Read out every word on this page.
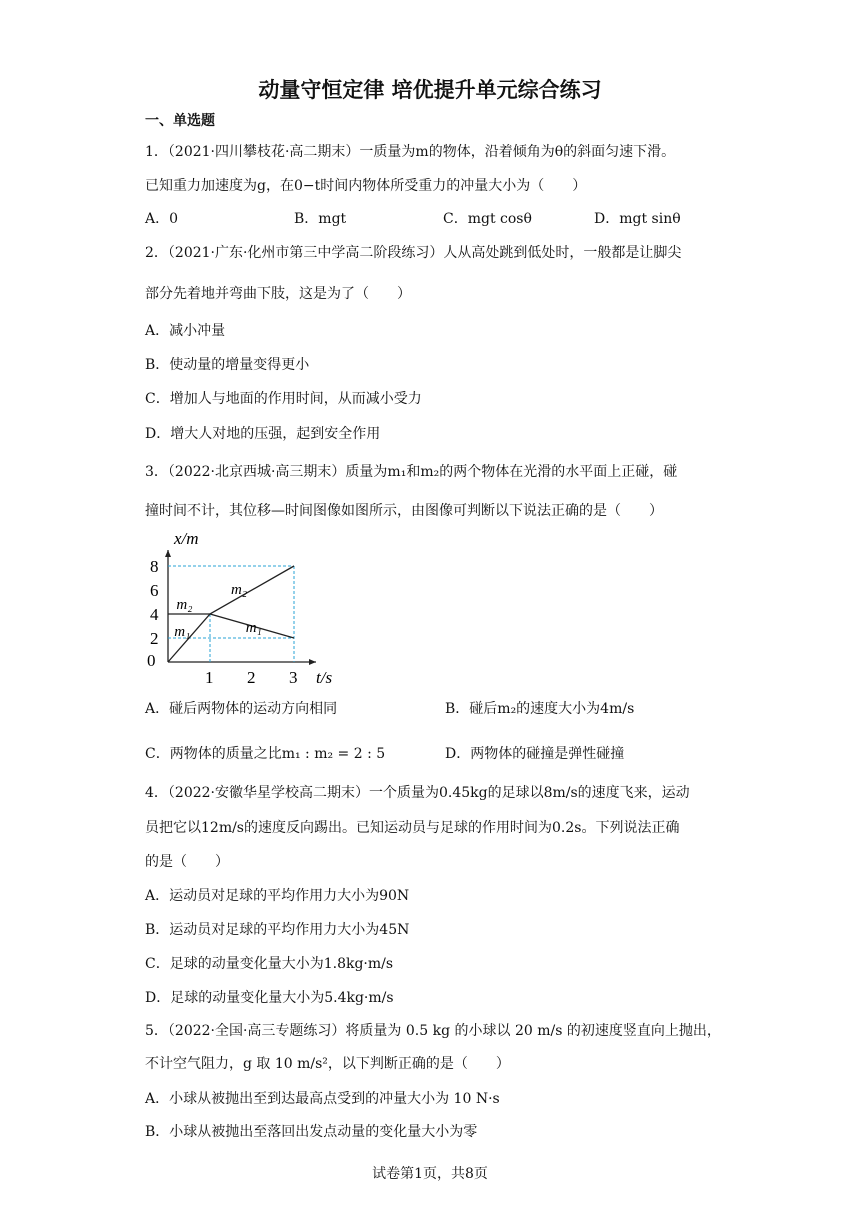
动量守恒定律 培优提升单元综合练习
一、单选题
1．（2021·四川攀枝花·高二期末）一质量为m的物体，沿着倾角为θ的斜面匀速下滑。
已知重力加速度为g，在0−t时间内物体所受重力的冲量大小为（　　）
A．0	B．mgt	C．mgt cosθ	D．mgt sinθ
2．（2021·广东·化州市第三中学高二阶段练习）人从高处跳到低处时，一般都是让脚尖
部分先着地并弯曲下肢，这是为了（　　）
A．减小冲量
B．使动量的增量变得更小
C．增加人与地面的作用时间，从而减小受力
D．增大人对地的压强，起到安全作用
3．（2022·北京西城·高三期末）质量为m₁和m₂的两个物体在光滑的水平面上正碰，碰
撞时间不计，其位移—时间图像如图所示，由图像可判断以下说法正确的是（　　）
2
4
6
8
0
1 2 3
x/m
t/s
m₂
m₁
m₂
m₁
A．碰后两物体的运动方向相同	B．碰后m₂的速度大小为4m/s
C．两物体的质量之比m₁ : m₂ = 2 : 5	D．两物体的碰撞是弹性碰撞
4．（2022·安徽华星学校高二期末）一个质量为0.45kg的足球以8m/s的速度飞来，运动
员把它以12m/s的速度反向踢出。已知运动员与足球的作用时间为0.2s。下列说法正确
的是（　　）
A．运动员对足球的平均作用力大小为90N
B．运动员对足球的平均作用力大小为45N
C．足球的动量变化量大小为1.8kg·m/s
D．足球的动量变化量大小为5.4kg·m/s
5．（2022·全国·高三专题练习）将质量为 0.5 kg 的小球以 20 m/s 的初速度竖直向上抛出，
不计空气阻力，g 取 10 m/s²，以下判断正确的是（　　）
A．小球从被抛出至到达最高点受到的冲量大小为 10 N·s
B．小球从被抛出至落回出发点动量的变化量大小为零
试卷第1页，共8页
